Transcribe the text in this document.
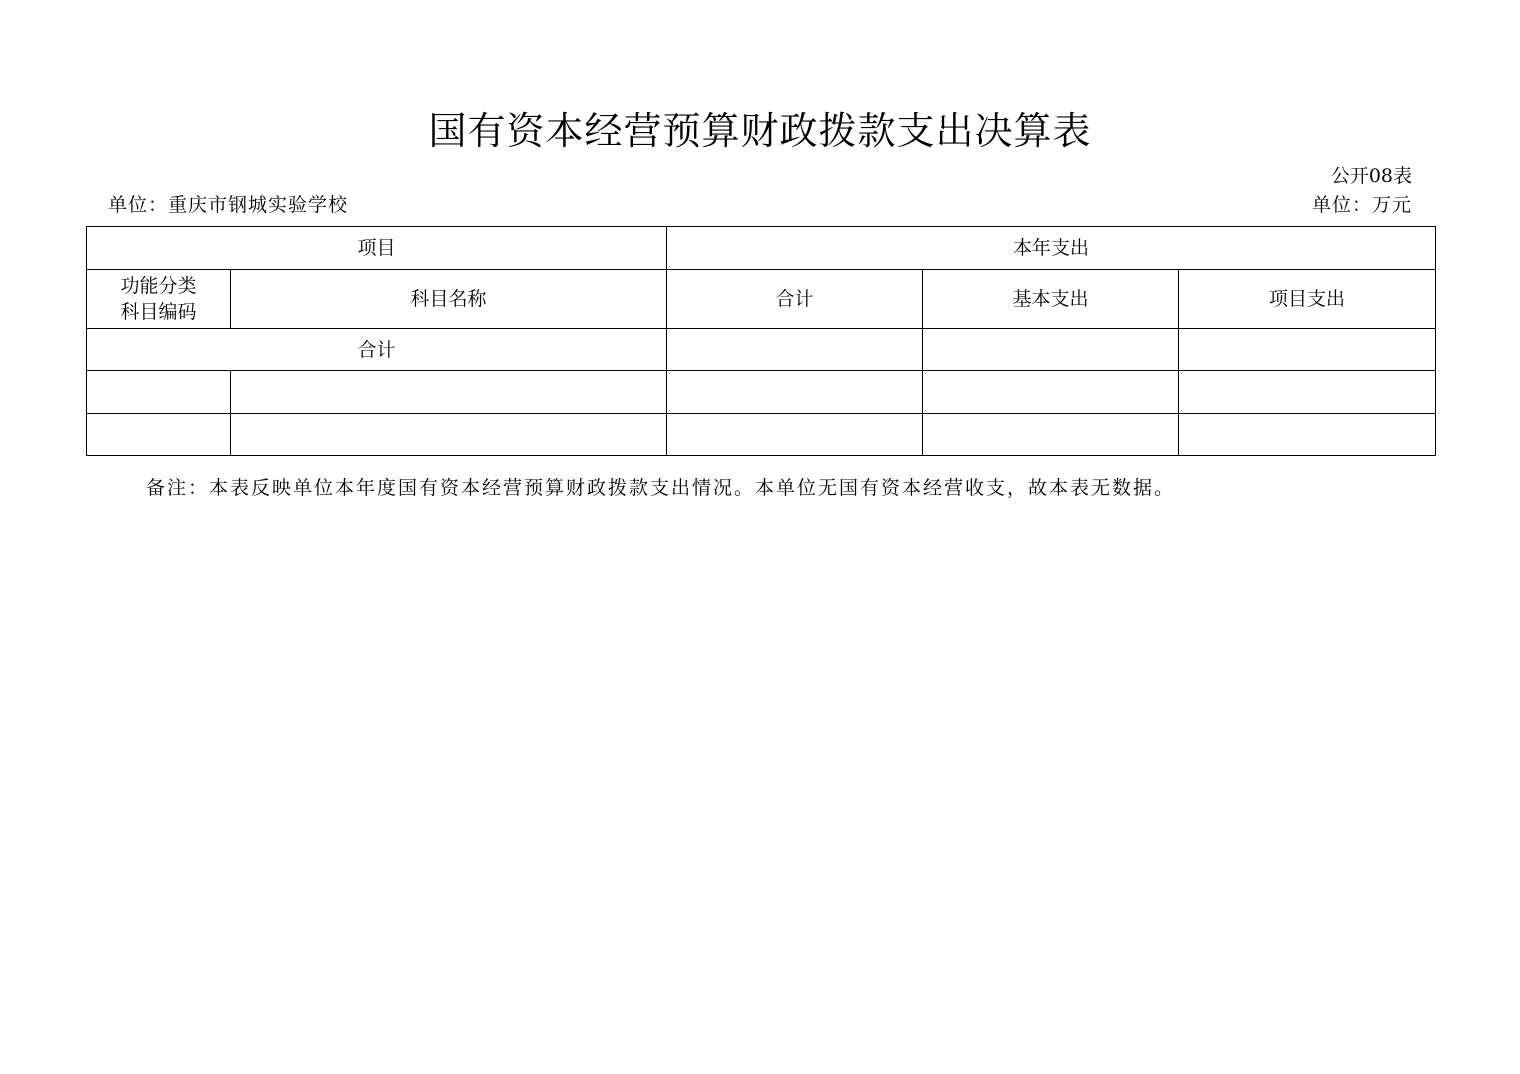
国有资本经营预算财政拨款支出决算表
公开08表
单位：重庆市钢城实验学校	单位：万元
项目		本年支出		

功能分类
科目编码	科目名称	合计	基本支出	项目支出
合计				

备注：本表反映单位本年度国有资本经营预算财政拨款支出情况。本单位无国有资本经营收支，故本表无数据。
